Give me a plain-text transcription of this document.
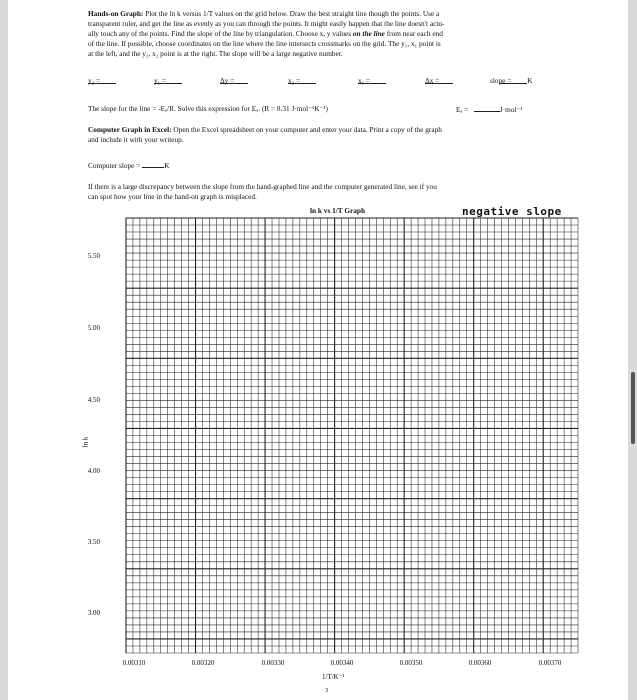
Hands-on Graph: Plot the ln k versus 1/T values on the grid below. Draw the best straight line though the points. Use a
transparent ruler, and get the line as evenly as you can through the points. It might easily happen that the line doesn't actu-
ally touch any of the points. Find the slope of the line by triangulation. Choose x, y values on the line from near each end
of the line. If possible, choose coordinates on the line where the line intersects crossmarks on the grid. The y₁, x₁ point is
at the left, and the y₂, x₂ point is at the right. The slope will be a large negative number.

y₂ =	y₁ =	Δy =	x₂ =	x₁ =	Δx =	slope =
K

The slope for the line = -Eₐ/R. Solve this expression for Eₐ. (R = 8.31 J·mol⁻¹K⁻¹)	Eₐ =	J·mol⁻¹

Computer Graph in Excel: Open the Excel spreadsheet on your computer and enter your data. Print a copy of the graph
and include it with your writeup.

Computer slope =	K

If there is a large discrepancy between the slope from the hand-graphed line and the computer generated line, see if you
can spot how your line in the hand-on graph is misplaced.

ln k vs 1/T Graph	negative slope

5.50
5.00
4.50
4.00
3.50
3.00
ln k
0.00310	0.00320	0.00330	0.00340	0.00350	0.00360	0.00370
1/T/K⁻¹
3
